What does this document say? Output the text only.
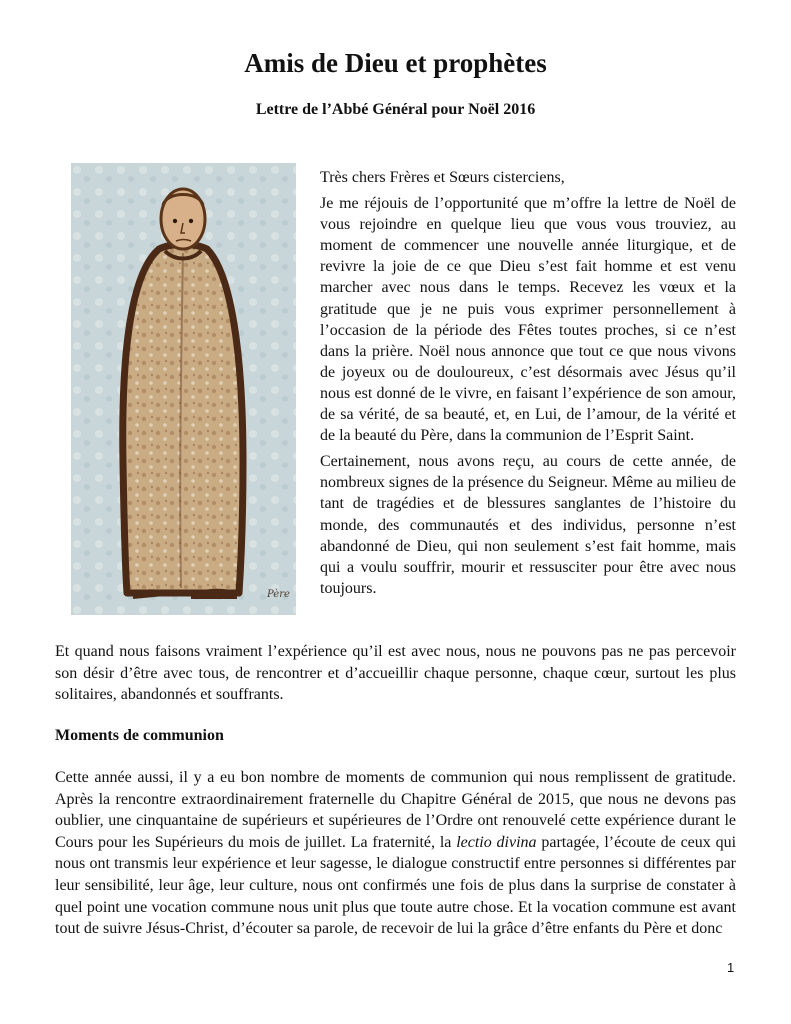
Amis de Dieu et prophètes
Lettre de l’Abbé Général pour Noël 2016
Père

Très chers Frères et Sœurs cisterciens,

Je me réjouis de l’opportunité que m’offre la lettre de Noël de vous rejoindre en quelque lieu que vous vous trouviez, au moment de commencer une nouvelle année liturgique, et de revivre la joie de ce que Dieu s’est fait homme et est venu marcher avec nous dans le temps. Recevez les vœux et la gratitude que je ne puis vous exprimer personnellement à l’occasion de la période des Fêtes toutes proches, si ce n’est dans la prière. Noël nous annonce que tout ce que nous vivons de joyeux ou de douloureux, c’est désormais avec Jésus qu’il nous est donné de le vivre, en faisant l’expérience de son amour, de sa vérité, de sa beauté, et, en Lui, de l’amour, de la vérité et de la beauté du Père, dans la communion de l’Esprit Saint.

Certainement, nous avons reçu, au cours de cette année, de nombreux signes de la présence du Seigneur. Même au milieu de tant de tragédies et de blessures sanglantes de l’histoire du monde, des communautés et des individus, personne n’est abandonné de Dieu, qui non seulement s’est fait homme, mais qui a voulu souffrir, mourir et ressusciter pour être avec nous toujours.

Et quand nous faisons vraiment l’expérience qu’il est avec nous, nous ne pouvons pas ne pas percevoir son désir d’être avec tous, de rencontrer et d’accueillir chaque personne, chaque cœur, surtout les plus solitaires, abandonnés et souffrants.

Moments de communion

Cette année aussi, il y a eu bon nombre de moments de communion qui nous remplissent de gratitude. Après la rencontre extraordinairement fraternelle du Chapitre Général de 2015, que nous ne devons pas oublier, une cinquantaine de supérieurs et supérieures de l’Ordre ont renouvelé cette expérience durant le Cours pour les Supérieurs du mois de juillet. La fraternité, la lectio divina partagée, l’écoute de ceux qui nous ont transmis leur expérience et leur sagesse, le dialogue constructif entre personnes si différentes par leur sensibilité, leur âge, leur culture, nous ont confirmés une fois de plus dans la surprise de constater à quel point une vocation commune nous unit plus que toute autre chose. Et la vocation commune est avant tout de suivre Jésus-Christ, d’écouter sa parole, de recevoir de lui la grâce d’être enfants du Père et donc

1
